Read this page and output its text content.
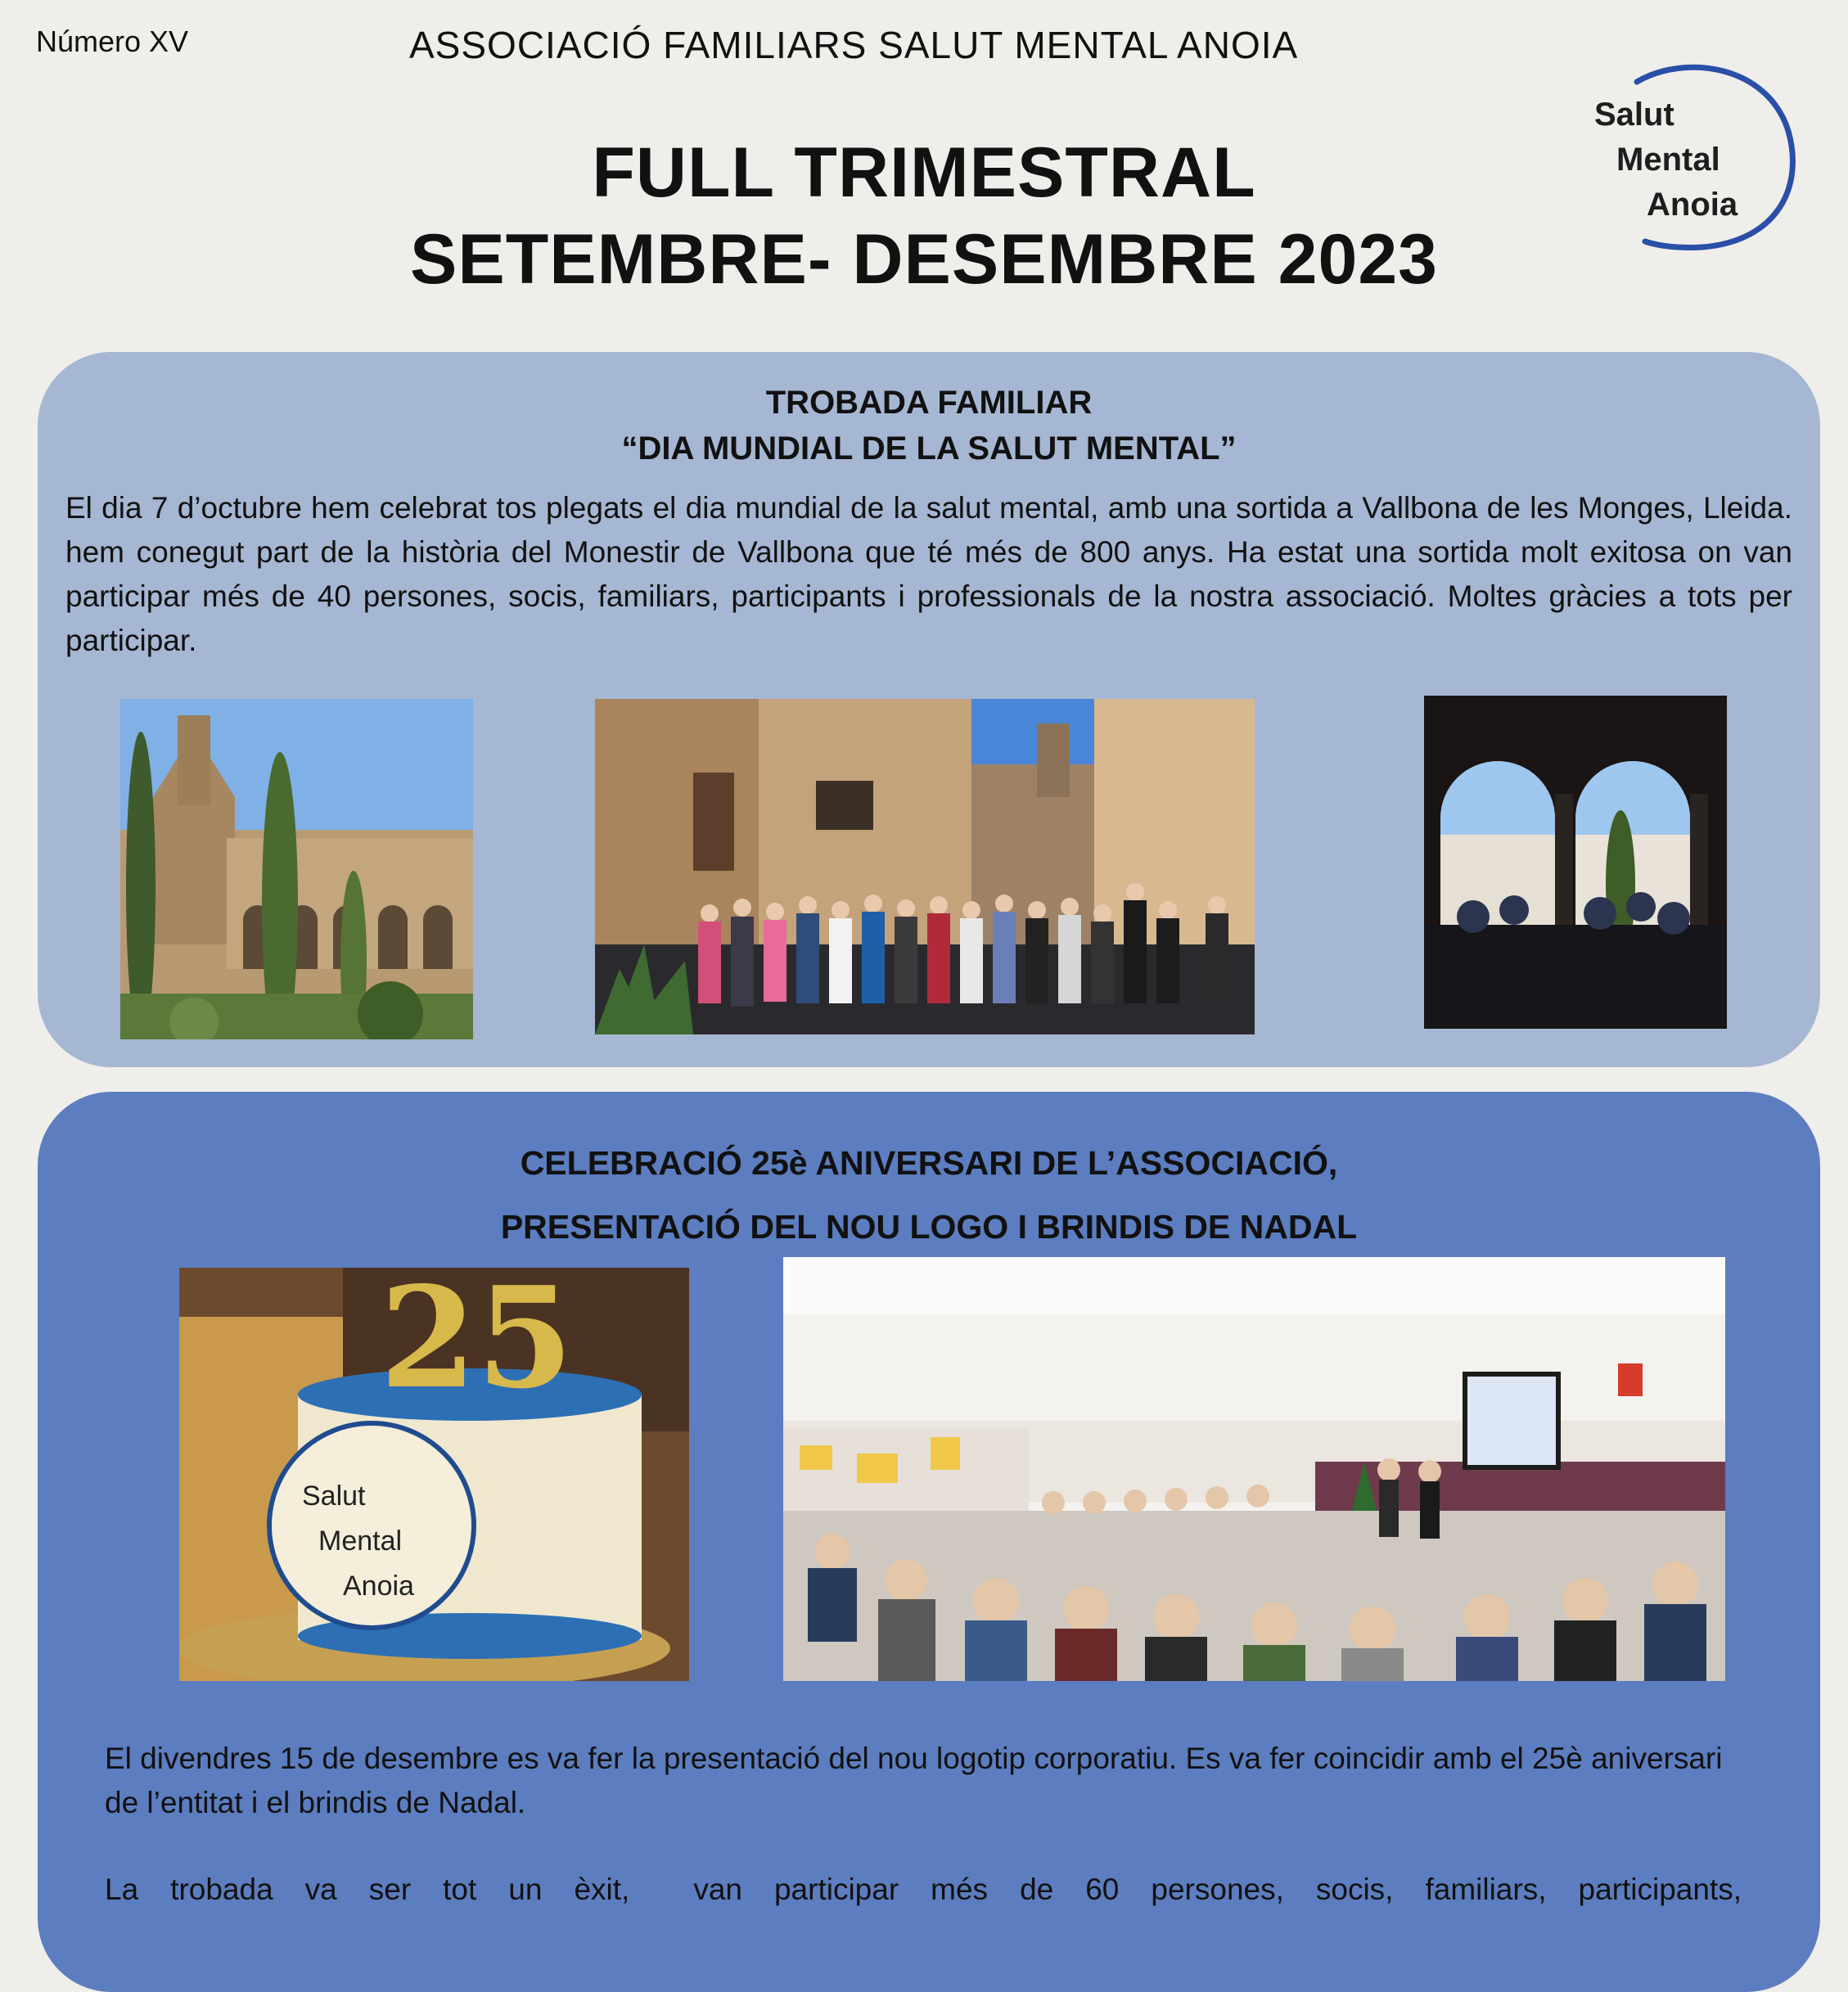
Número XV	ASSOCIACIÓ FAMILIARS SALUT MENTAL ANOIA
Salut
Mental
Anoia
FULL TRIMESTRAL
SETEMBRE- DESEMBRE 2023
TROBADA FAMILIAR
“DIA MUNDIAL DE LA SALUT MENTAL”

El dia 7 d’octubre hem celebrat tos plegats el dia mundial de la salut mental, amb una sortida a Vallbona de les Monges, Lleida. hem conegut part de la història del Monestir de Vallbona que té més de 800 anys. Ha estat una sortida molt exitosa on van participar més de 40 persones, socis, familiars, participants i professionals de la nostra associació. Moltes gràcies a tots per participar.

CELEBRACIÓ 25è ANIVERSARI DE L’ASSOCIACIÓ,
PRESENTACIÓ DEL NOU LOGO I BRINDIS DE NADAL
25
Salut
Mental
Anoia

El divendres 15 de desembre es va fer la presentació del nou logotip corporatiu. Es va fer coincidir amb el 25è aniversari de l’entitat i el brindis de Nadal.

La trobada va ser tot un èxit,  van participar més de 60 persones, socis, familiars, participants,
